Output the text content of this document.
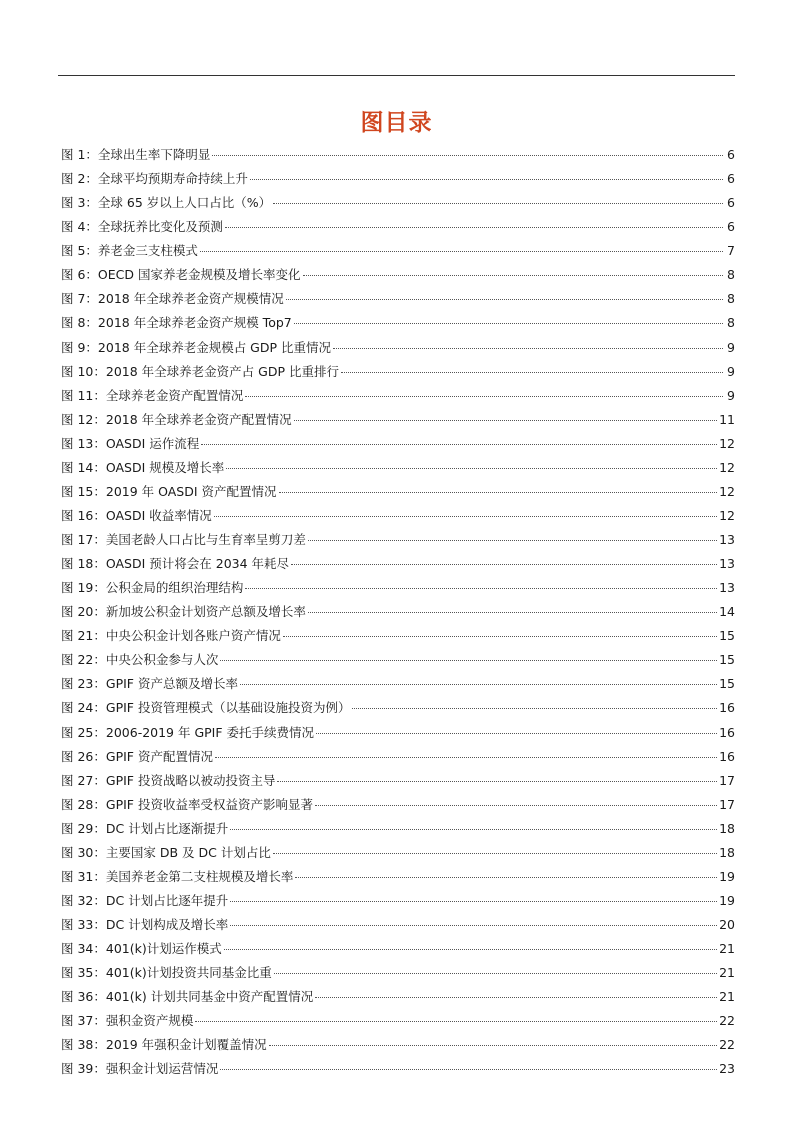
图目录
图 1：全球出生率下降明显	6
图 2：全球平均预期寿命持续上升	6
图 3：全球 65 岁以上人口占比（%）	6
图 4：全球抚养比变化及预测	6
图 5：养老金三支柱模式	7
图 6：OECD 国家养老金规模及增长率变化	8
图 7：2018 年全球养老金资产规模情况	8
图 8：2018 年全球养老金资产规模 Top7	8
图 9：2018 年全球养老金规模占 GDP 比重情况	9
图 10：2018 年全球养老金资产占 GDP 比重排行	9
图 11：全球养老金资产配置情况	9
图 12：2018 年全球养老金资产配置情况	11
图 13：OASDI 运作流程	12
图 14：OASDI 规模及增长率	12
图 15：2019 年 OASDI 资产配置情况	12
图 16：OASDI 收益率情况	12
图 17：美国老龄人口占比与生育率呈剪刀差	13
图 18：OASDI 预计将会在 2034 年耗尽	13
图 19：公积金局的组织治理结构	13
图 20：新加坡公积金计划资产总额及增长率	14
图 21：中央公积金计划各账户资产情况	15
图 22：中央公积金参与人次	15
图 23：GPIF 资产总额及增长率	15
图 24：GPIF 投资管理模式（以基础设施投资为例）	16
图 25：2006-2019 年 GPIF 委托手续费情况	16
图 26：GPIF 资产配置情况	16
图 27：GPIF 投资战略以被动投资主导	17
图 28：GPIF 投资收益率受权益资产影响显著	17
图 29：DC 计划占比逐渐提升	18
图 30：主要国家 DB 及 DC 计划占比	18
图 31：美国养老金第二支柱规模及增长率	19
图 32：DC 计划占比逐年提升	19
图 33：DC 计划构成及增长率	20
图 34：401(k)计划运作模式	21
图 35：401(k)计划投资共同基金比重	21
图 36：401(k) 计划共同基金中资产配置情况	21
图 37：强积金资产规模	22
图 38：2019 年强积金计划覆盖情况	22
图 39：强积金计划运营情况	23
